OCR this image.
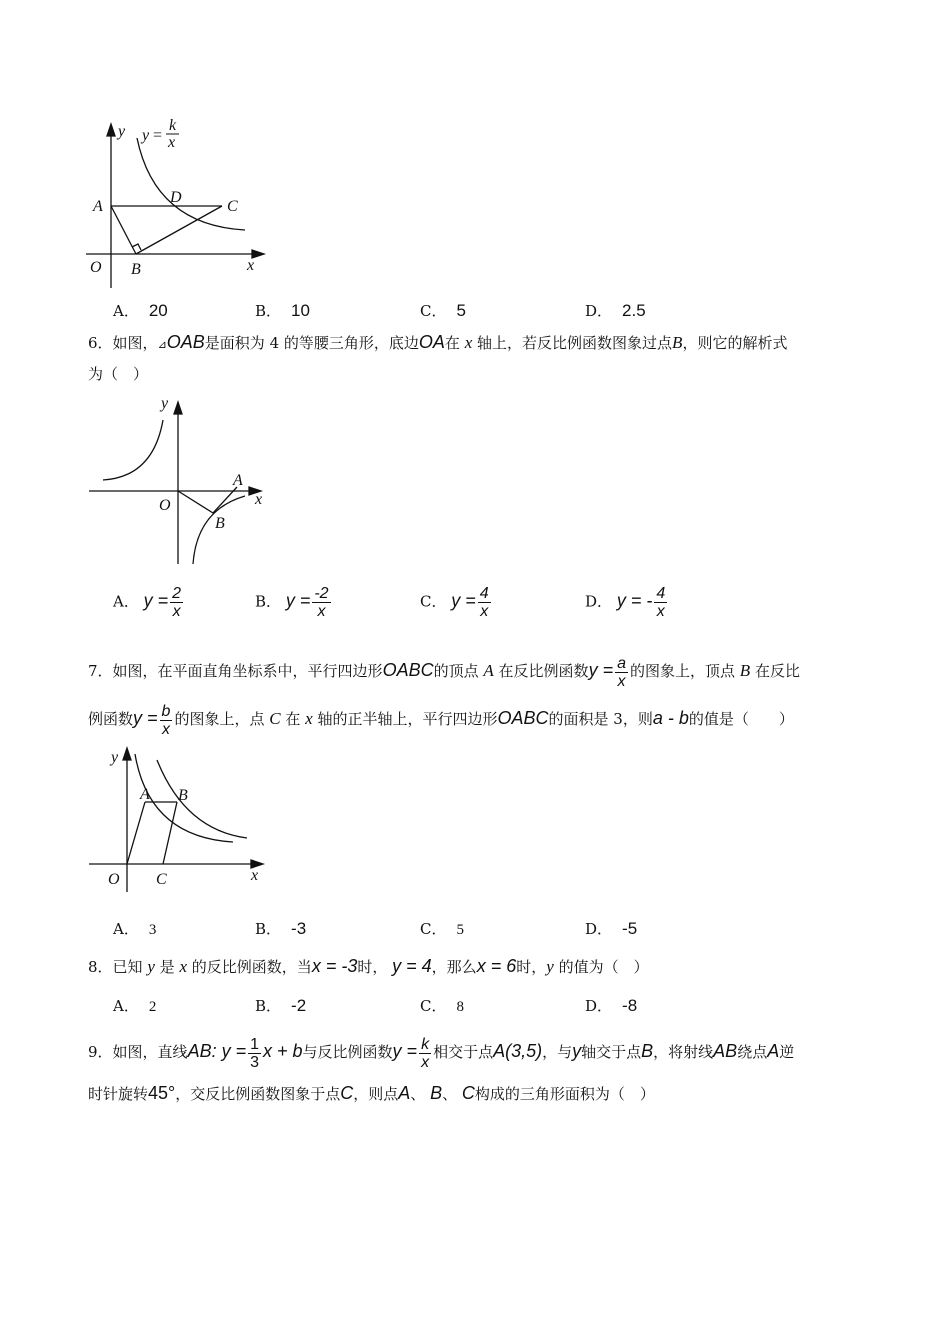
y y =
k
x
D
C
A
O B	x
A． 20	B． 10	C． 5	D． 2.5
6．如图，⊿OAB是面积为 4 的等腰三角形，底边OA在 x 轴上，若反比例函数图象过点B，则它的解析式
为（　）
y
x
O
A
B
A． $y = \frac{2}{x}$	B． $y = \frac{-2}{x}$	C． $y = \frac{4}{x}$	D． y = - $\frac{4}{x}$
7．如图，在平面直角坐标系中，平行四边形OABC的顶点 A 在反比例函数$y = \frac{a}{x}$ 的图象上，顶点 B 在反比
例函数$y = \frac{b}{x}$ 的图象上，点 C 在 x 轴的正半轴上，平行四边形OABC的面积是 3，则a - b的值是（　　）
y
x
O C
A B
A． 3	B． -3	C． 5	D． -5
8．已知 y 是 x 的反比例函数，当x = -3时， y = 4，那么x = 6时，y 的值为（　）
A． 2	B． -2	C． 8	D． -8
9．如图，直线AB: $y = \frac{1}{3}$ x + b与反比例函数$y = \frac{k}{x}$ 相交于点A(3,5)，与y轴交于点B，将射线AB绕点A逆
时针旋转45°，交反比例函数图象于点C，则点A、 B、 C构成的三角形面积为（　）
